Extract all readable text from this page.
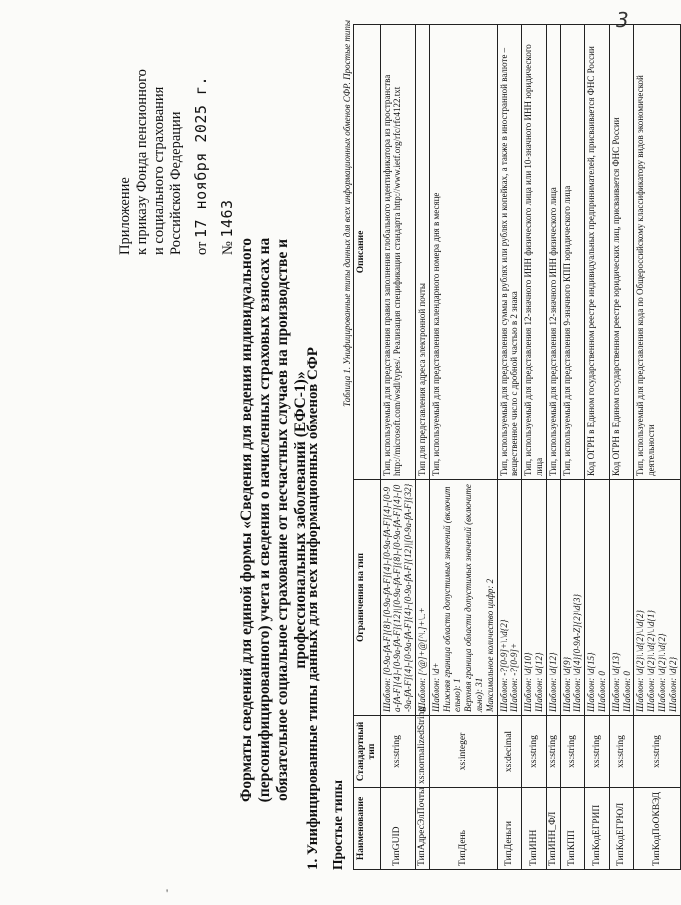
3
'
Приложение к приказу Фонда пенсионного и социального страхования Российской Федерации от 17 ноября 2025 г.
№ 1463
Форматы сведений для единой формы «Сведения для ведения индивидуального (персонифицированного) учета и сведения о начисленных страховых взносах на обязательное социальное страхование от несчастных случаев на производстве и профессиональных заболеваний (ЕФС-1)»
1. Унифицированные типы данных для всех информационных обменов СФР Простые типы
Таблица 1. Унифицированные типы данных для всех информационных обменов СФР. Простые типы
Наименование	Стандартный тип	Ограничения на тип	Описание
ТипGUID	xs:string	Шаблон: [0-9a-fA-F]{8}-[0-9a-fA-F]{4}-[0-9a-fA-F]{4}-[0-9a-fA-F]{4}-[0-9a-fA-F]{12}|[0-9a-fA-F]{8}-[0-9a-fA-F]{4}-[0-9a-fA-F]{4}-[0-9a-fA-F]{4}-[0-9a-fA-F]{12}|[0-9a-fA-F]{32}	Тип, используемый для представления правил заполнения глобального идентификатора из пространства http://microsoft.com/wsdl/types/. Реализация спецификации стандарта http://www.ietf.org/rfc/rfc4122.txt
ТипАдресЭлПочты	xs:normalizedString	Шаблон: [^@]+@[^\.]+\..+	Тип для представления адреса электронной почты
ТипДень	xs:integer	Шаблон: \d+ Нижняя граница области допустимых значений (включительно): 1 Верхняя граница области допустимых значений (включительно): 31 Максимальное количество цифр: 2	Тип, используемый для представления календарного номера дня в месяце
ТипДеньги	xs:decimal	Шаблон: -?[0-9]+\.\d{2} Шаблон: -?[0-9]+	Тип, используемый для представления суммы в рублях или рублях и копейках, а также в иностранной валюте – вещественное число с дробной частью в 2 знака
ТипИНН	xs:string	Шаблон: \d{10} Шаблон: \d{12}	Тип, используемый для представления 12-значного ИНН физического лица или 10-значного ИНН юридического лица
ТипИНН_ФЛ	xs:string	Шаблон: \d{12}	Тип, используемый для представления 12-значного ИНН физического лица
ТипКПП	xs:string	Шаблон: \d{9} Шаблон: \d{4}[0-9A-Z]{2}\d{3}	Тип, используемый для представления 9-значного КПП юридического лица
ТипКодЕГРИП	xs:string	Шаблон: \d{15} Шаблон: 0	Код ОГРН в Едином государственном реестре индивидуальных предпринимателей, присваивается ФНС России
ТипКодЕГРЮЛ	xs:string	Шаблон: \d{13} Шаблон: 0	Код ОГРН в Едином государственном реестре юридических лиц, присваивается ФНС России
ТипКодПоОКВЭД	xs:string	Шаблон: \d{2}\.\d{2}\.\d{2} Шаблон: \d{2}\.\d{2}\.\d{1} Шаблон: \d{2}\.\d{2} Шаблон: \d{2}	Тип, используемый для представления кода по Общероссийскому классификатору видов экономической деятельности
